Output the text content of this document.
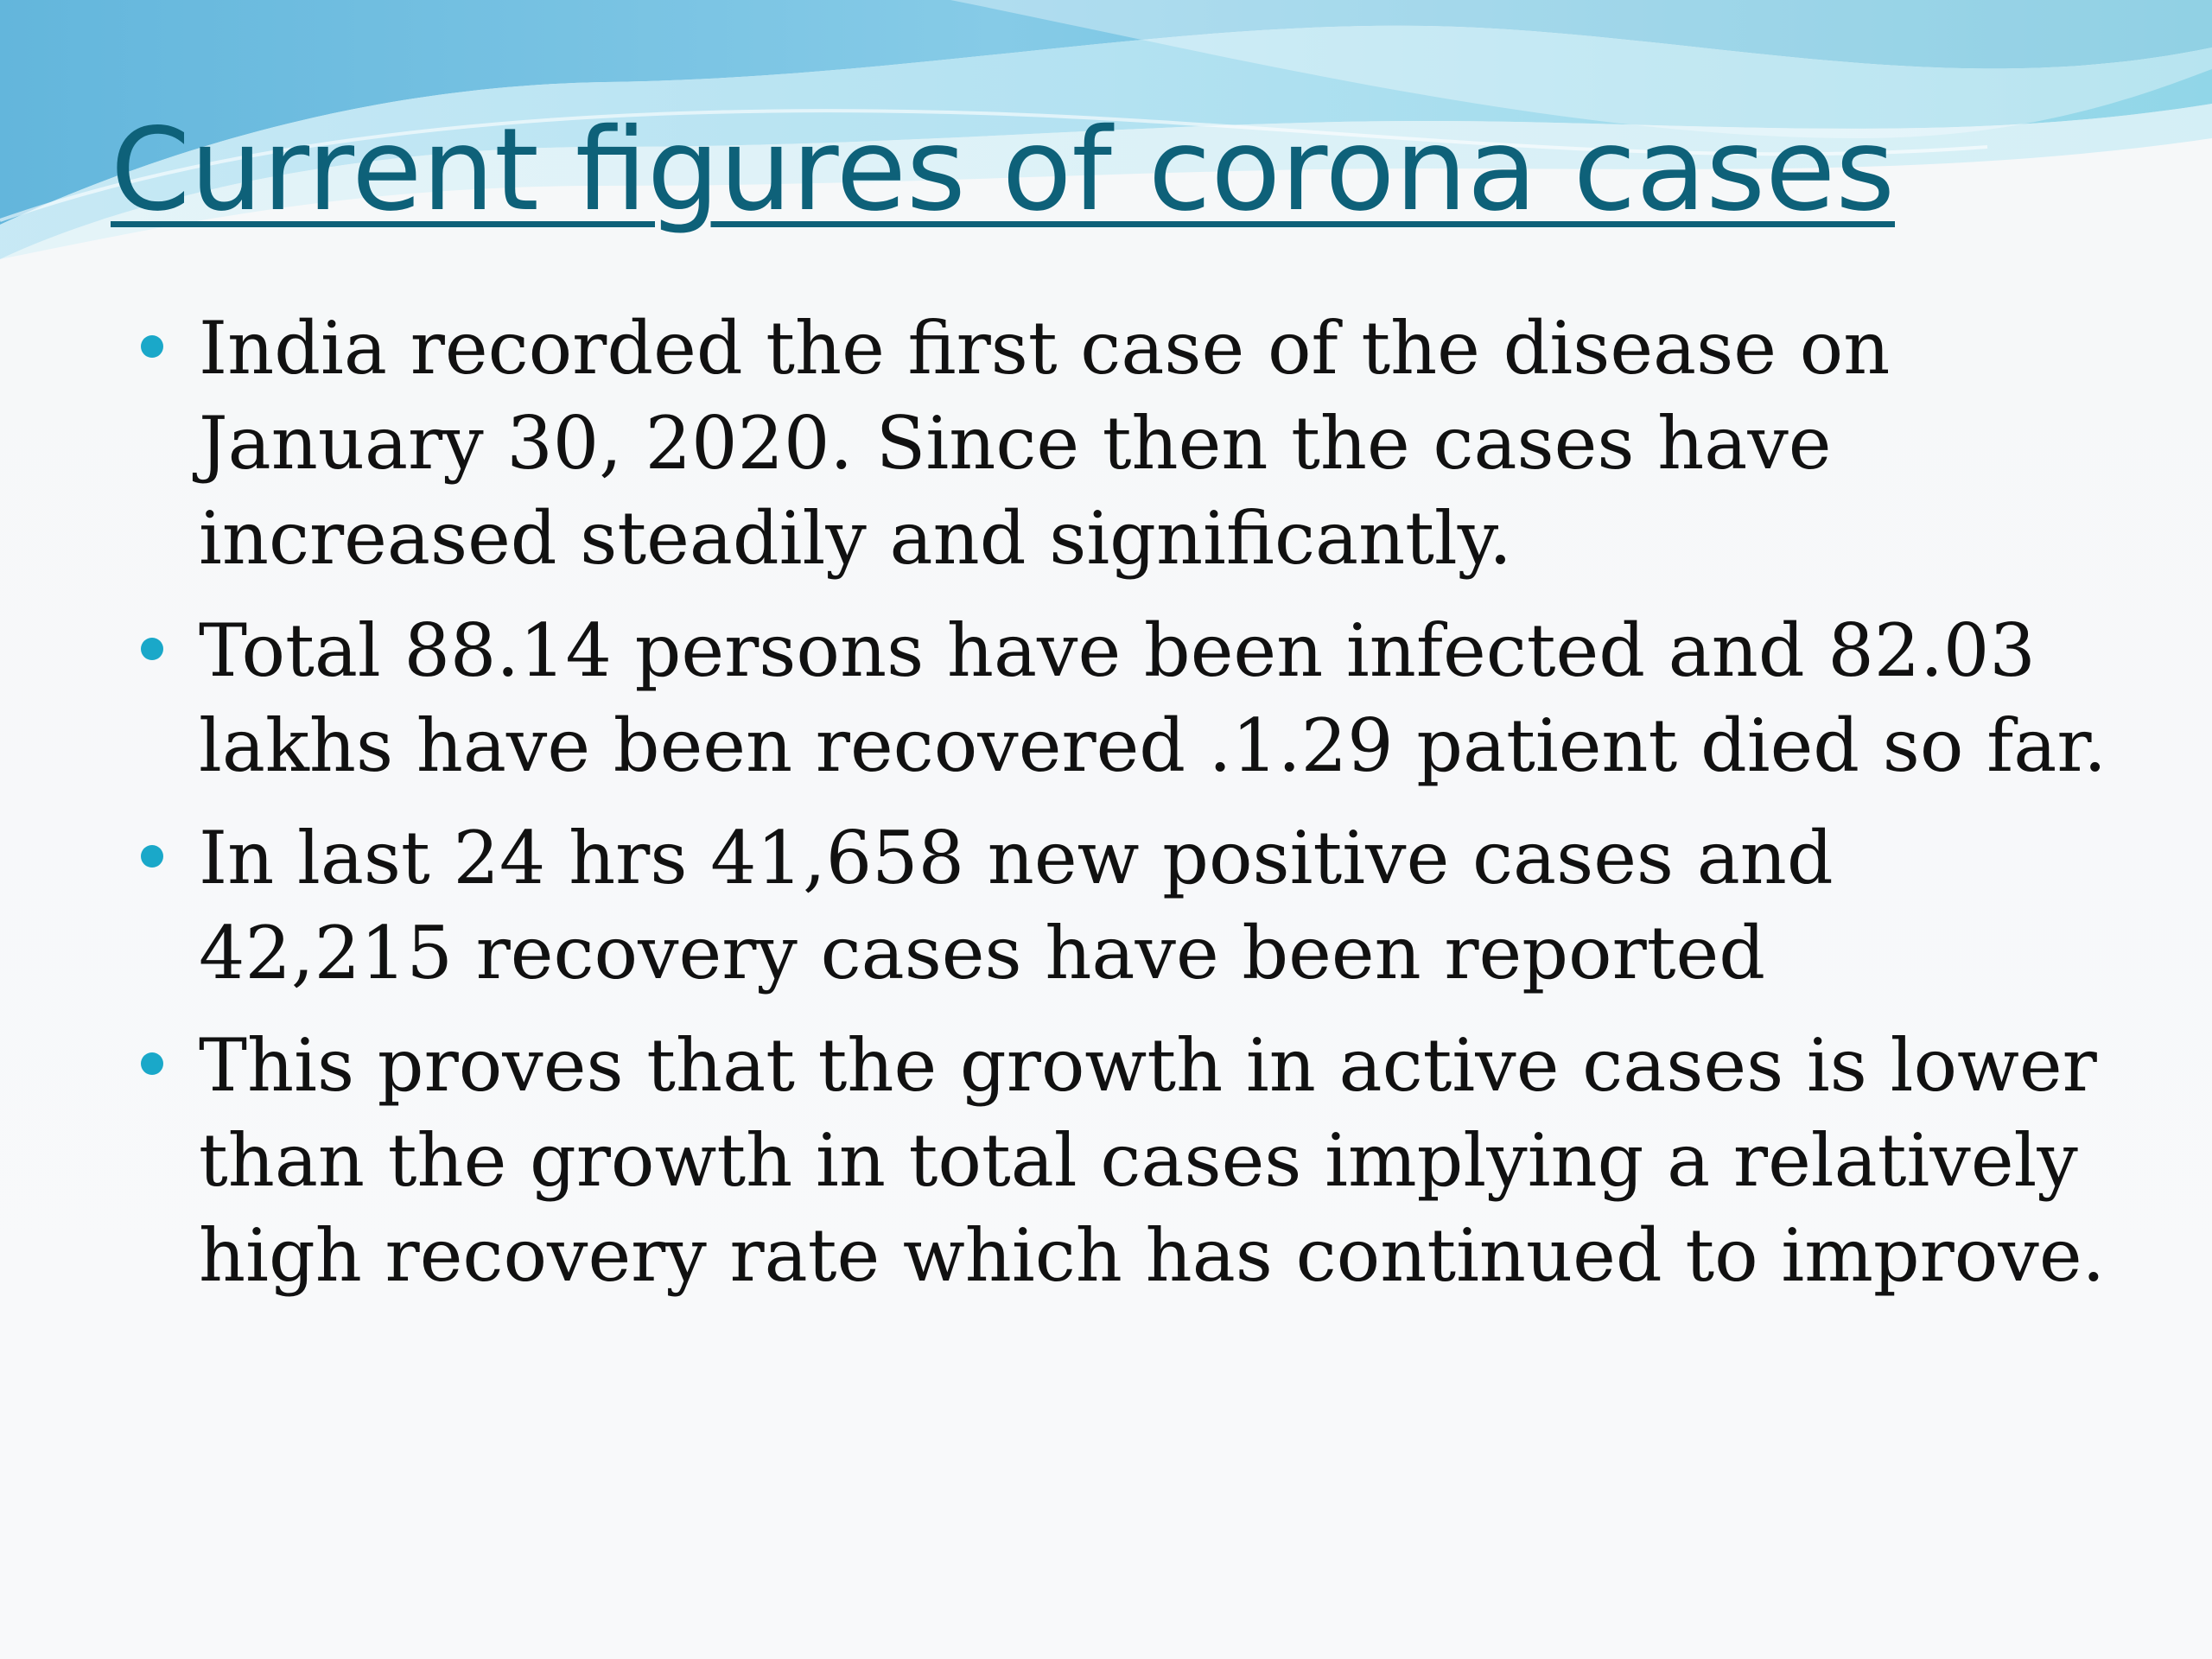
Current figures of corona cases
India recorded the first case of the disease on January 30, 2020. Since then the cases have increased steadily and significantly.
Total 88.14 persons have been infected and 82.03 lakhs have been recovered .1.29 patient died so far.
In last 24 hrs 41,658 new positive cases and 42,215 recovery cases have been reported
This proves that the growth in active cases is lower than the growth in total cases implying a relatively high recovery rate which has continued to improve.
